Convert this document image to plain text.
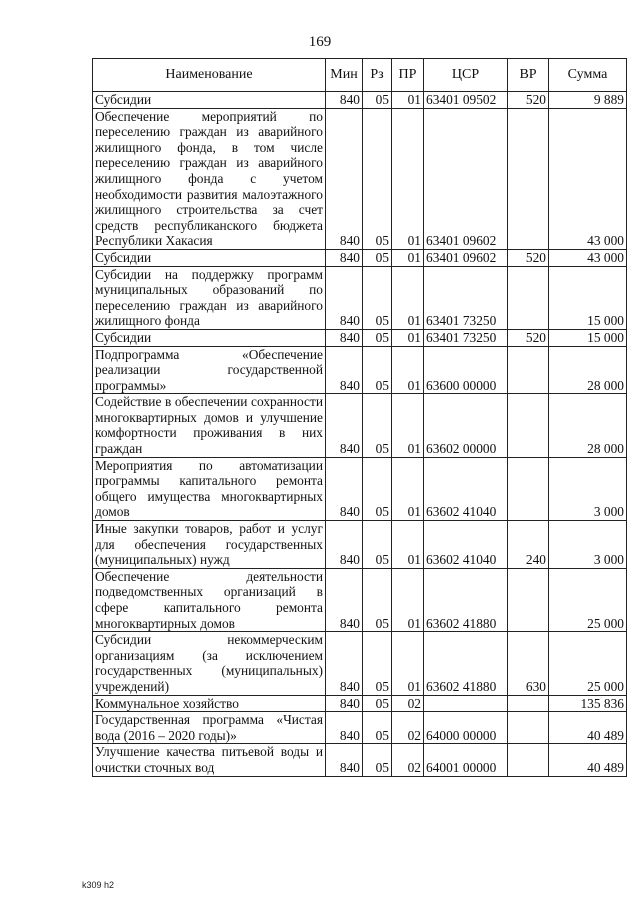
169
Наименование	Мин	Рз	ПР	ЦСР	ВР	Сумма
Субсидии	840	05	01	63401 09502	520	9 889
Обеспечение мероприятий по переселению граждан из аварийного жилищного фонда, в том числе переселению граждан из аварийного жилищного фонда с учетом необходимости развития малоэтажного жилищного строительства за счет средств республиканского бюджета Республики Хакасия	840	05	01	63401 09602		43 000
Субсидии	840	05	01	63401 09602	520	43 000
Субсидии на поддержку программ муниципальных образований по переселению граждан из аварийного жилищного фонда	840	05	01	63401 73250		15 000
Субсидии	840	05	01	63401 73250	520	15 000
Подпрограмма «Обеспечение реализации государственной программы»	840	05	01	63600 00000		28 000
Содействие в обеспечении сохранности многоквартирных домов и улучшение комфортности проживания в них граждан	840	05	01	63602 00000		28 000
Мероприятия по автоматизации программы капитального ремонта общего имущества многоквартирных домов	840	05	01	63602 41040		3 000
Иные закупки товаров, работ и услуг для обеспечения государственных (муниципальных) нужд	840	05	01	63602 41040	240	3 000
Обеспечение деятельности подведомственных организаций в сфере капитального ремонта многоквартирных домов	840	05	01	63602 41880		25 000
Субсидии некоммерческим организациям (за исключением государственных (муниципальных) учреждений)	840	05	01	63602 41880	630	25 000
Коммунальное хозяйство	840	05	02			135 836
Государственная программа «Чистая вода (2016 – 2020 годы)»	840	05	02	64000 00000		40 489
Улучшение качества питьевой воды и очистки сточных вод	840	05	02	64001 00000		40 489
k309 h2
